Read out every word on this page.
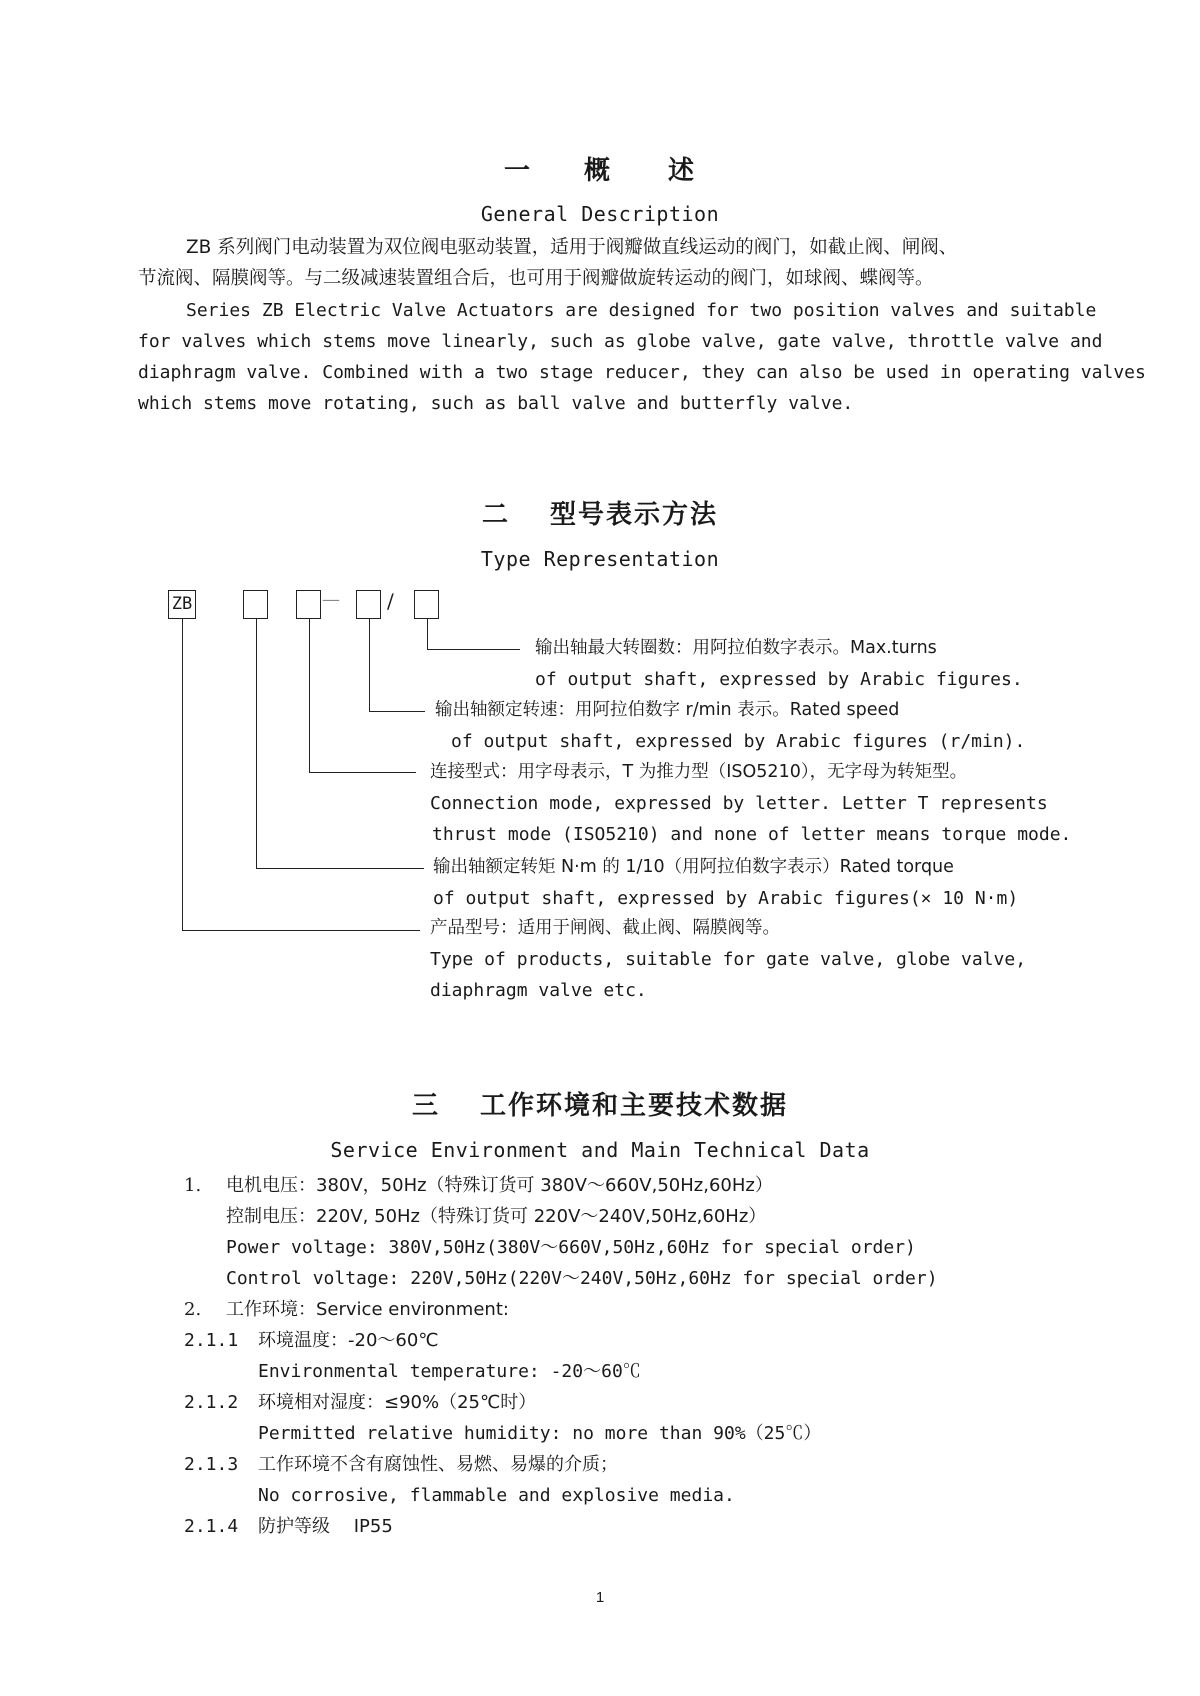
一 概　　述
General Description
ZB 系列阀门电动装置为双位阀电驱动装置，适用于阀瓣做直线运动的阀门，如截止阀、闸阀、
节流阀、隔膜阀等。与二级减速装置组合后，也可用于阀瓣做旋转运动的阀门，如球阀、蝶阀等。
Series ZB Electric Valve Actuators are designed for two position valves and suitable
for valves which stems move linearly, such as globe valve, gate valve, throttle valve and
diaphragm valve. Combined with a two stage reducer, they can also be used in operating valves
which stems move rotating, such as ball valve and butterfly valve.
二 型号表示方法
Type Representation
ZB	— /
输出轴最大转圈数：用阿拉伯数字表示。Max.turns
of output shaft, expressed by Arabic figures.
输出轴额定转速：用阿拉伯数字 r/min 表示。Rated speed
of output shaft, expressed by Arabic figures (r/min).
连接型式：用字母表示，T 为推力型（ISO5210），无字母为转矩型。
Connection mode, expressed by letter. Letter T represents
thrust mode (ISO5210) and none of letter means torque mode.
输出轴额定转矩 N·m 的 1/10（用阿拉伯数字表示）Rated torque
of output shaft, expressed by Arabic figures(× 10 N·m)
产品型号：适用于闸阀、截止阀、隔膜阀等。
Type of products, suitable for gate valve, globe valve,
diaphragm valve etc.
三 工作环境和主要技术数据
Service Environment and Main Technical Data
1. 电机电压：380V，50Hz（特殊订货可 380V～660V,50Hz,60Hz）
控制电压：220V, 50Hz（特殊订货可 220V～240V,50Hz,60Hz）
Power voltage: 380V,50Hz(380V～660V,50Hz,60Hz for special order)
Control voltage: 220V,50Hz(220V～240V,50Hz,60Hz for special order)
2. 工作环境：Service environment:
2.1.1 环境温度：-20～60℃
Environmental temperature: -20～60℃
2.1.2 环境相对湿度：≤90%（25℃时）
Permitted relative humidity: no more than 90%（25℃）
2.1.3 工作环境不含有腐蚀性、易燃、易爆的介质；
No corrosive, flammable and explosive media.
2.1.4 防护等级　 IP55
1
